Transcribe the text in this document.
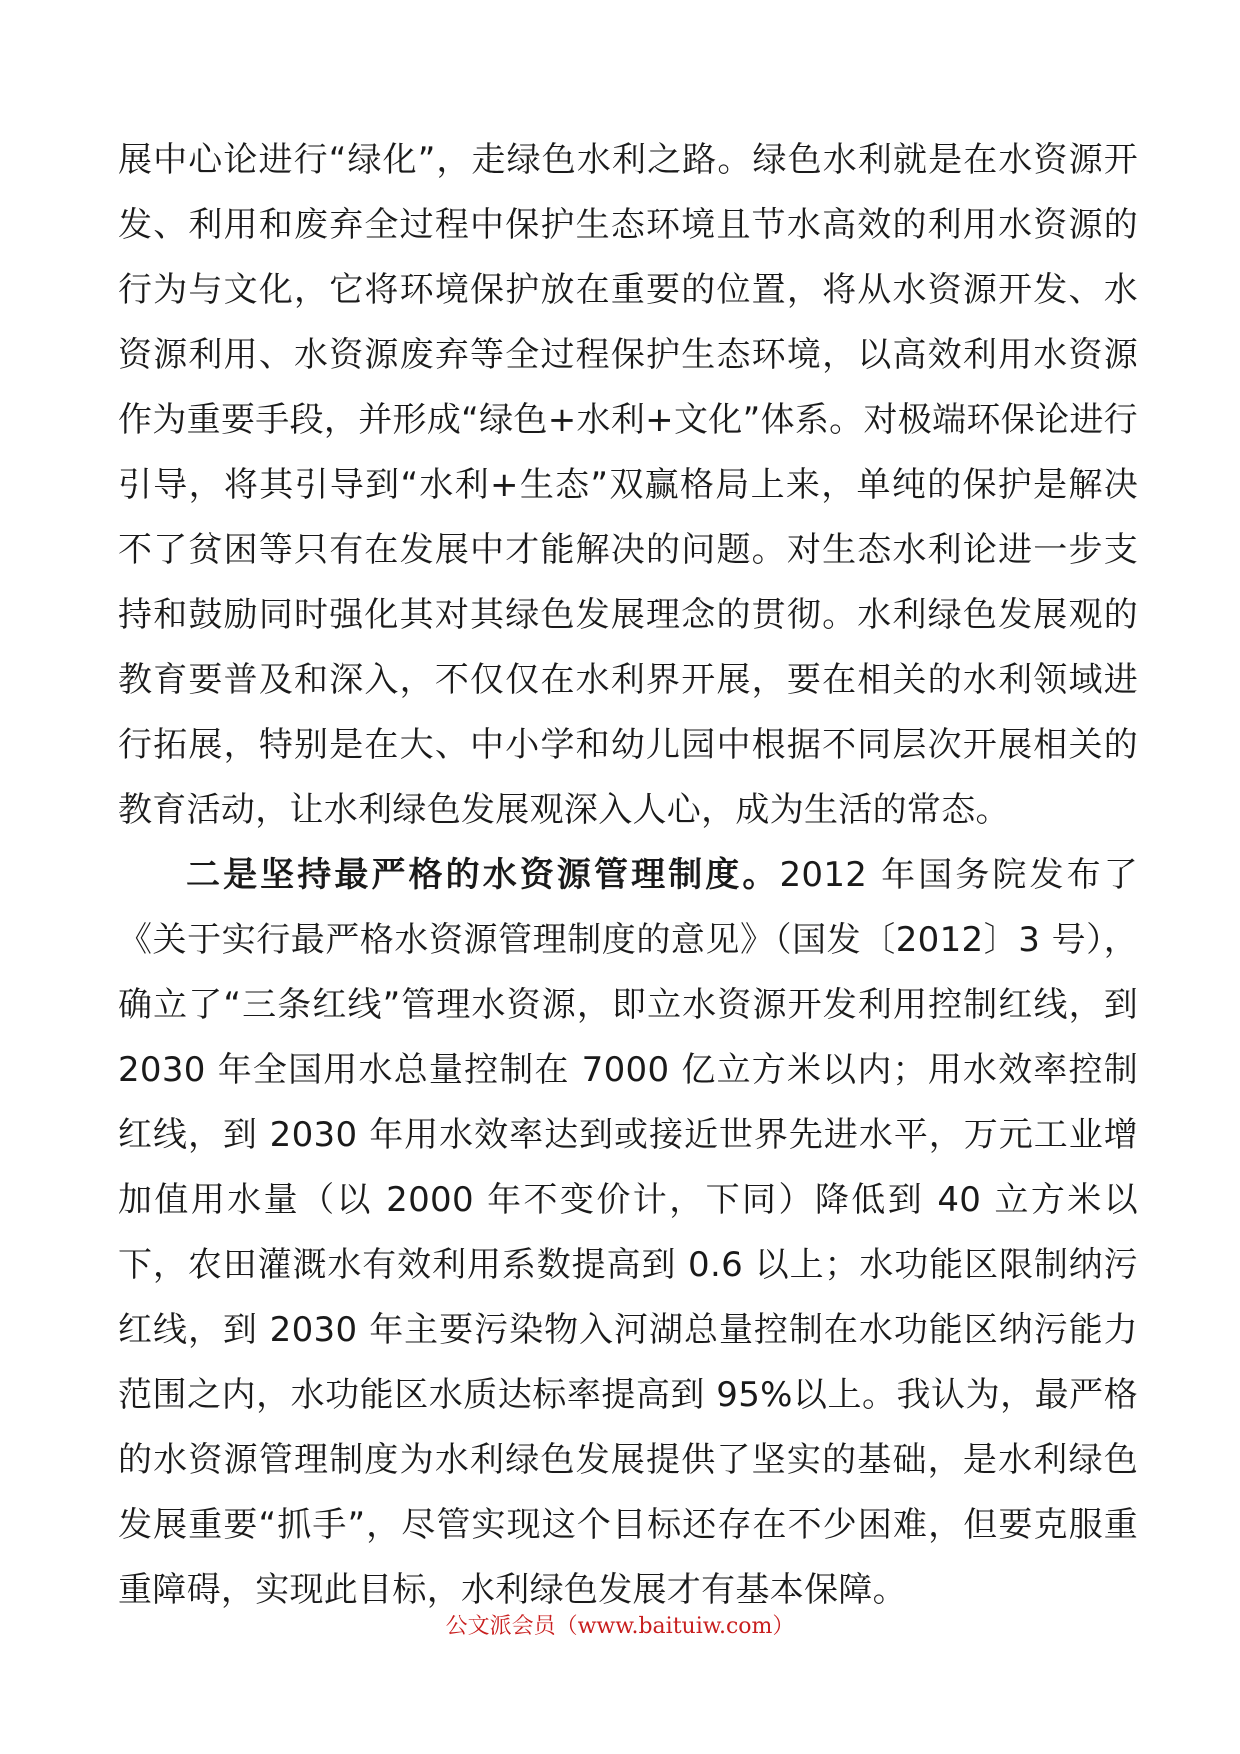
展中心论进行“绿化”，走绿色水利之路。绿色水利就是在水资源开发、利用和废弃全过程中保护生态环境且节水高效的利用水资源的行为与文化，它将环境保护放在重要的位置，将从水资源开发、水资源利用、水资源废弃等全过程保护生态环境，以高效利用水资源作为重要手段，并形成“绿色+水利+文化”体系。对极端环保论进行引导，将其引导到“水利+生态”双赢格局上来，单纯的保护是解决不了贫困等只有在发展中才能解决的问题。对生态水利论进一步支持和鼓励同时强化其对其绿色发展理念的贯彻。水利绿色发展观的教育要普及和深入，不仅仅在水利界开展，要在相关的水利领域进行拓展，特别是在大、中小学和幼儿园中根据不同层次开展相关的教育活动，让水利绿色发展观深入人心，成为生活的常态。

二是坚持最严格的水资源管理制度。2012 年国务院发布了《关于实行最严格水资源管理制度的意见》（国发〔2012〕3 号），确立了“三条红线”管理水资源，即立水资源开发利用控制红线，到 2030 年全国用水总量控制在 7000 亿立方米以内；用水效率控制红线，到 2030 年用水效率达到或接近世界先进水平，万元工业增加值用水量（以 2000 年不变价计，下同）降低到 40 立方米以下，农田灌溉水有效利用系数提高到 0.6 以上；水功能区限制纳污红线，到 2030 年主要污染物入河湖总量控制在水功能区纳污能力范围之内，水功能区水质达标率提高到 95%以上。我认为，最严格的水资源管理制度为水利绿色发展提供了坚实的基础，是水利绿色发展重要“抓手”，尽管实现这个目标还存在不少困难，但要克服重重障碍，实现此目标，水利绿色发展才有基本保障。

公文派会员（www.baituiw.com）
